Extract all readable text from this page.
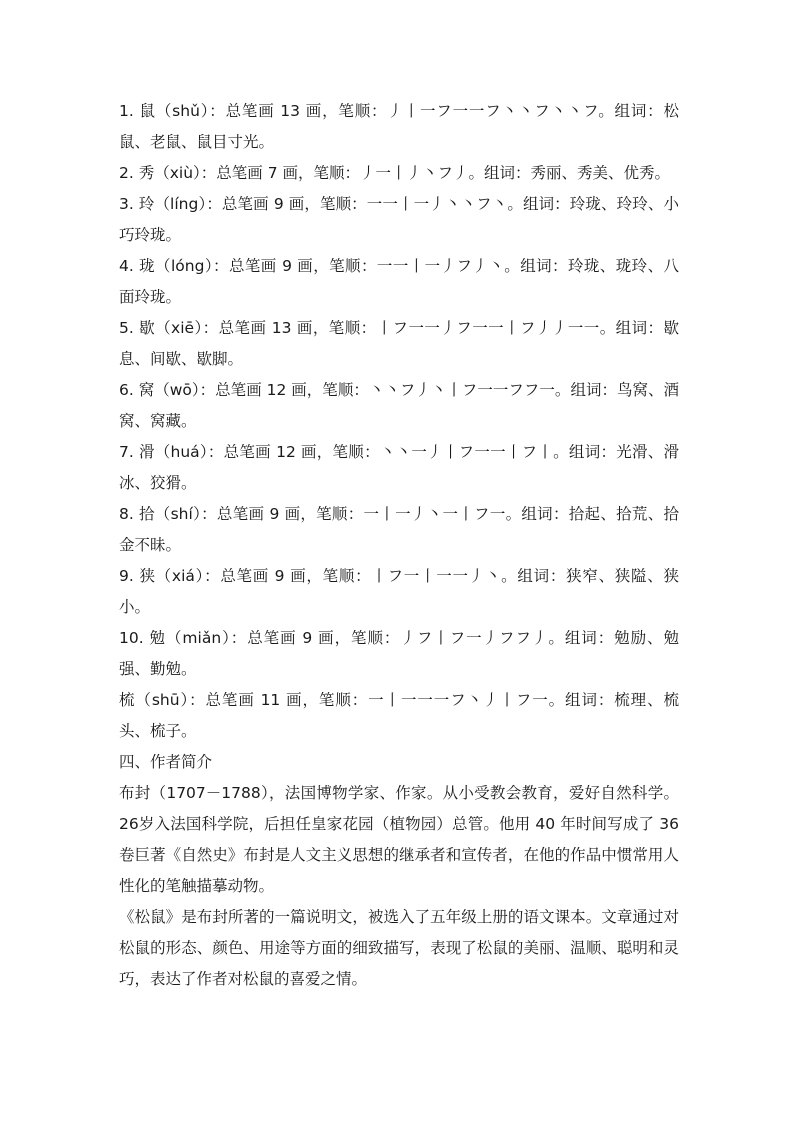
1. 鼠（shǔ）：总笔画 13 画，笔顺：丿丨一フ一一フ丶丶フ丶丶フ。组词：松鼠、老鼠、鼠目寸光。

2. 秀（xiù）：总笔画 7 画，笔顺：丿一丨丿丶フ丿。组词：秀丽、秀美、优秀。

3. 玲（líng）：总笔画 9 画，笔顺：一一丨一丿丶丶フ丶。组词：玲珑、玲玲、小巧玲珑。

4. 珑（lóng）：总笔画 9 画，笔顺：一一丨一丿フ丿丶。组词：玲珑、珑玲、八面玲珑。

5. 歇（xiē）：总笔画 13 画，笔顺：丨フ一一丿フ一一丨フ丿丿一一。组词：歇息、间歇、歇脚。

6. 窝（wō）：总笔画 12 画，笔顺：丶丶フ丿丶丨フ一一フフ一。组词：鸟窝、酒窝、窝藏。

7. 滑（huá）：总笔画 12 画，笔顺：丶丶一丿丨フ一一丨フ丨。组词：光滑、滑冰、狡猾。

8. 拾（shí）：总笔画 9 画，笔顺：一丨一丿丶一丨フ一。组词：拾起、拾荒、拾金不昧。

9. 狭（xiá）：总笔画 9 画，笔顺：丨フ一丨一一丿丶。组词：狭窄、狭隘、狭小。

10. 勉（miǎn）：总笔画 9 画，笔顺：丿フ丨フ一丿フフ丿。组词：勉励、勉强、勤勉。

梳（shū）：总笔画 11 画，笔顺：一丨一一一フ丶丿丨フ一。组词：梳理、梳头、梳子。

四、作者简介

布封（1707－1788），法国博物学家、作家。从小受教会教育，爱好自然科学。26岁入法国科学院，后担任皇家花园（植物园）总管。他用 40 年时间写成了 36卷巨著《自然史》布封是人文主义思想的继承者和宣传者，在他的作品中惯常用人性化的笔触描摹动物。

《松鼠》是布封所著的一篇说明文，被选入了五年级上册的语文课本。文章通过对松鼠的形态、颜色、用途等方面的细致描写，表现了松鼠的美丽、温顺、聪明和灵巧，表达了作者对松鼠的喜爱之情。
